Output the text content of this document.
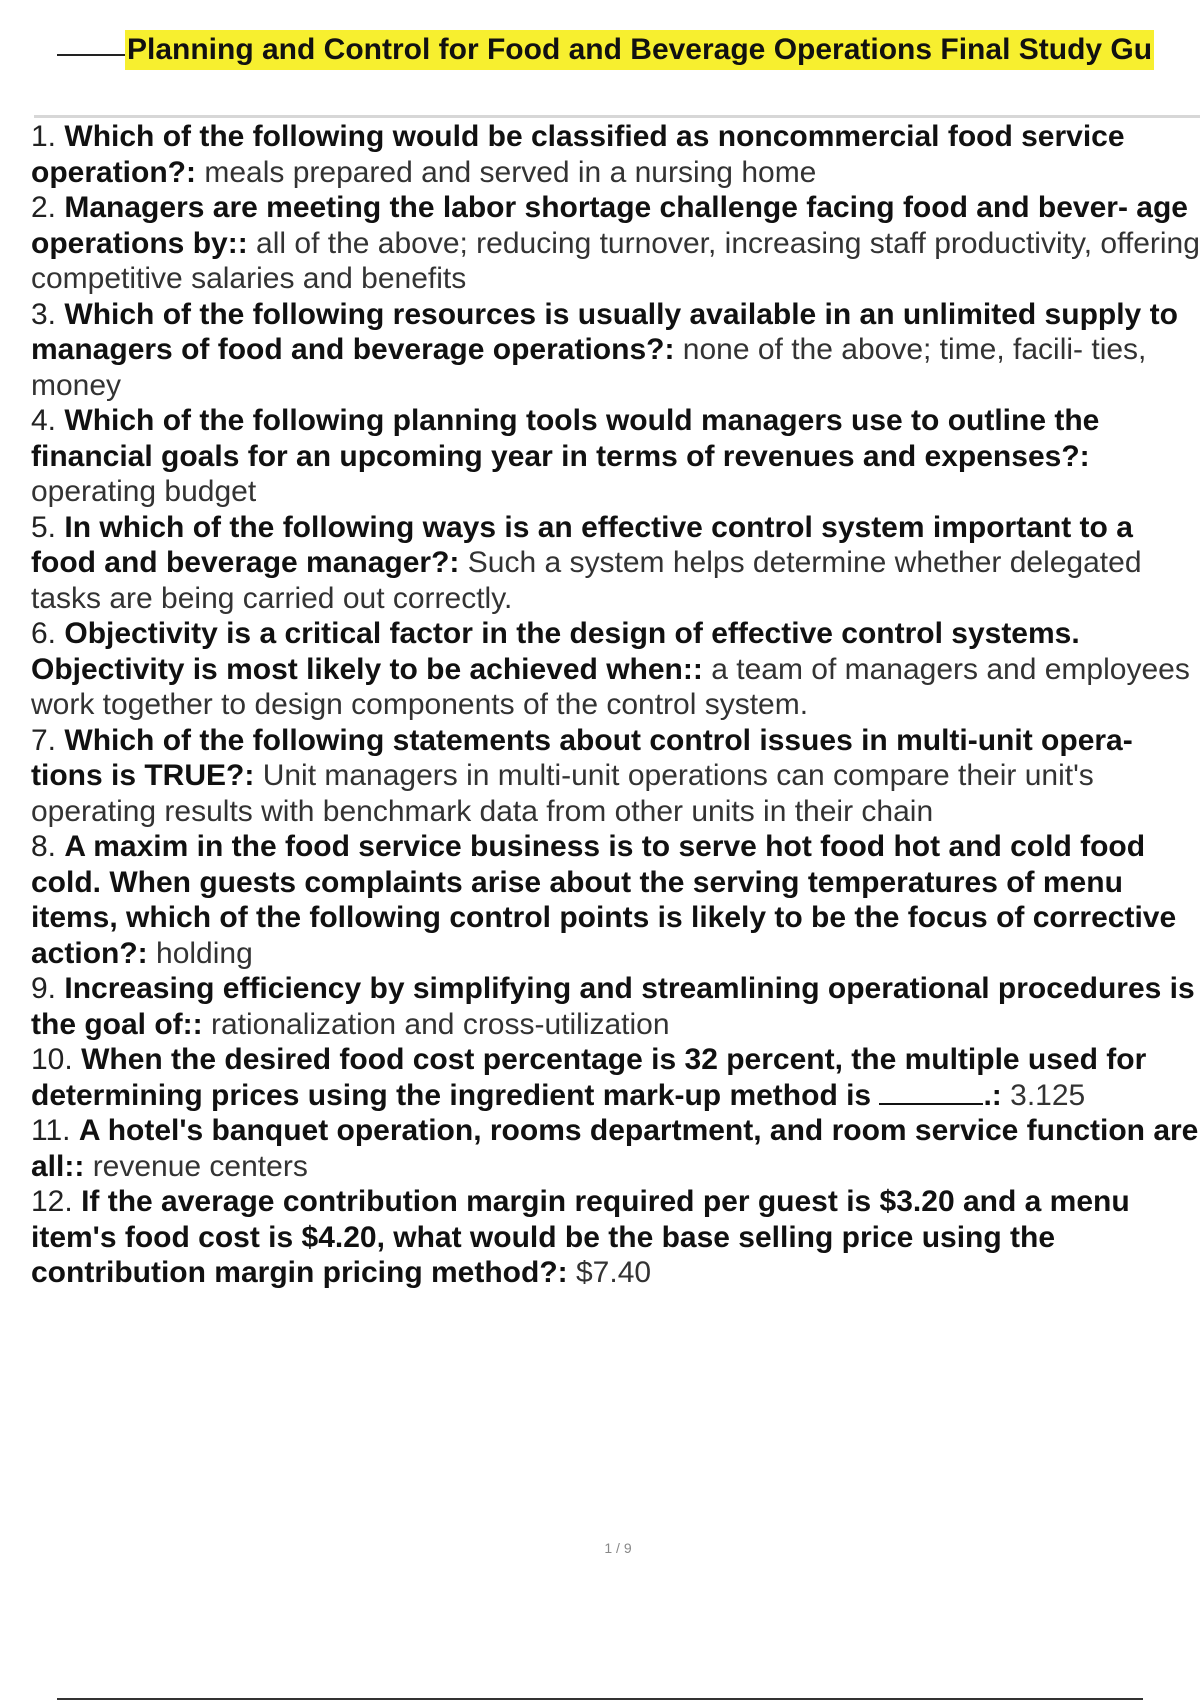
Planning and Control for Food and Beverage Operations Final Study Gu
1. Which of the following would be classified as noncommercial food service operation?: meals prepared and served in a nursing home
2. Managers are meeting the labor shortage challenge facing food and bever- age operations by:: all of the above; reducing turnover, increasing staff productivity, offering competitive salaries and benefits
3. Which of the following resources is usually available in an unlimited supply to managers of food and beverage operations?: none of the above; time, facili- ties, money
4. Which of the following planning tools would managers use to outline the financial goals for an upcoming year in terms of revenues and expenses?: operating budget
5. In which of the following ways is an effective control system important to a food and beverage manager?: Such a system helps determine whether delegated tasks are being carried out correctly.
6. Objectivity is a critical factor in the design of effective control systems. Objectivity is most likely to be achieved when:: a team of managers and employees work together to design components of the control system.
7. Which of the following statements about control issues in multi-unit opera- tions is TRUE?: Unit managers in multi-unit operations can compare their unit's operating results with benchmark data from other units in their chain
8. A maxim in the food service business is to serve hot food hot and cold food cold. When guests complaints arise about the serving temperatures of menu items, which of the following control points is likely to be the focus of corrective action?: holding
9. Increasing efficiency by simplifying and streamlining operational procedures is the goal of:: rationalization and cross-utilization
10. When the desired food cost percentage is 32 percent, the multiple used for determining prices using the ingredient mark-up method is	.: 3.125
11. A hotel's banquet operation, rooms department, and room service function are all:: revenue centers
12. If the average contribution margin required per guest is $3.20 and a menu item's food cost is $4.20, what would be the base selling price using the contribution margin pricing method?: $7.40
1 / 9
